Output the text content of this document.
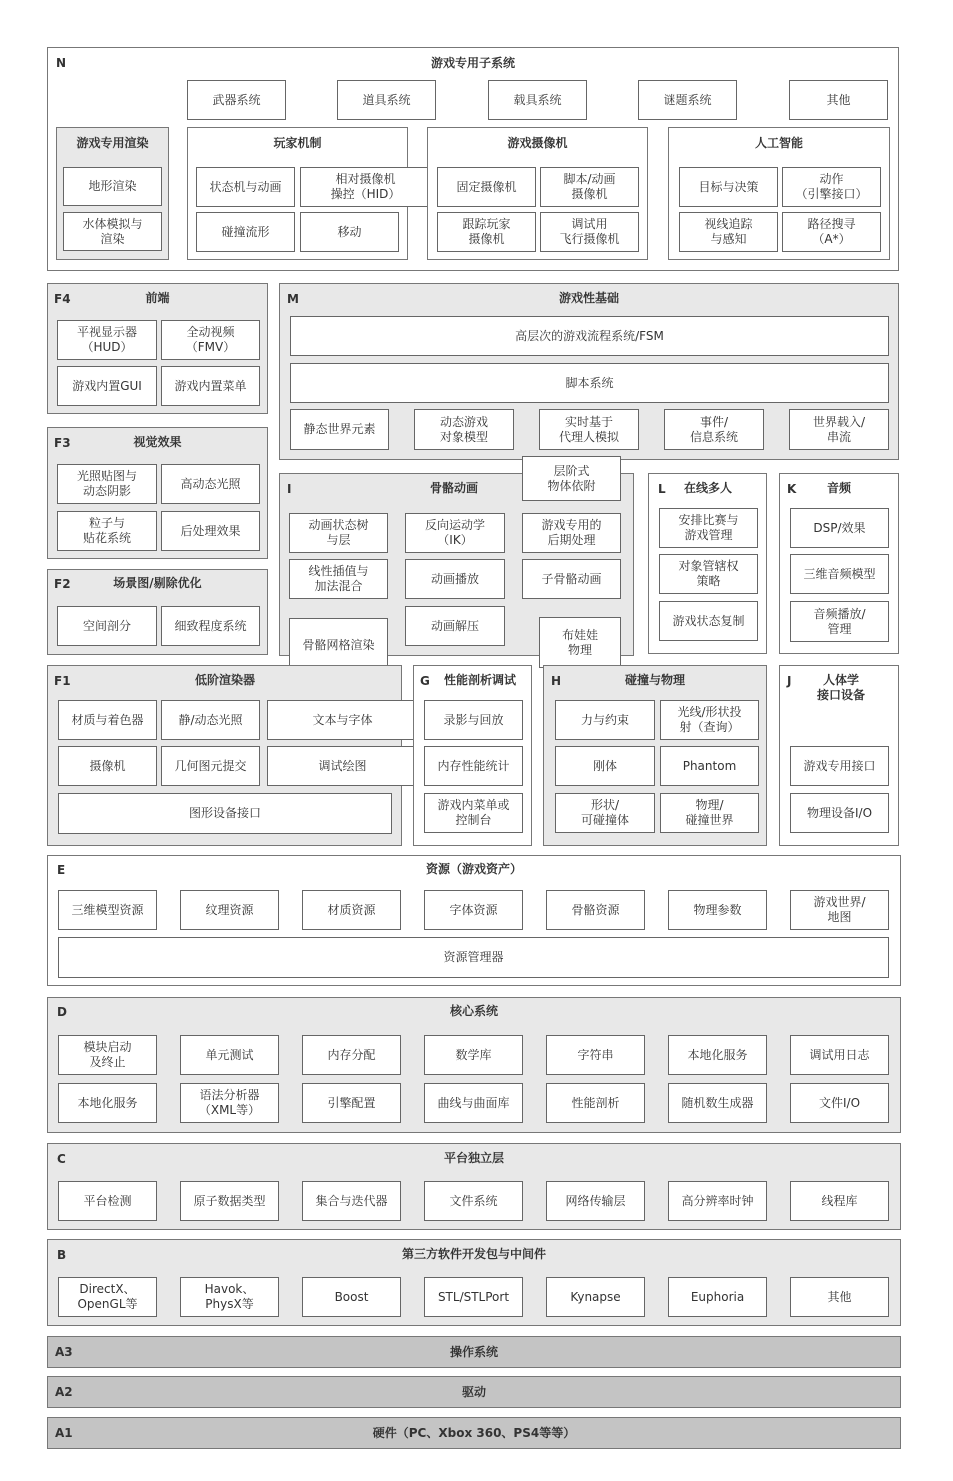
N	游戏专用子系统
武器系统	道具系统	载具系统	谜题系统	其他
游戏专用渲染
地形渲染
水体模拟与
渲染
玩家机制
状态机与动画
相对摄像机
操控（HID）
碰撞流形	移动
游戏摄像机
固定摄像机
脚本/动画
摄像机
跟踪玩家
摄像机
调试用
飞行摄像机
人工智能
目标与决策
动作
（引擎接口）
视线追踪
与感知
路径搜寻
（A*）
F4	前端
平视显示器
（HUD）
全动视频
（FMV）
游戏内置GUI	游戏内置菜单
M	游戏性基础
高层次的游戏流程系统/FSM
脚本系统
静态世界元素
动态游戏
对象模型
实时基于
代理人模拟
事件/
信息系统
世界载入/
串流
F3	视觉效果
光照贴图与
动态阴影
高动态光照
粒子与
贴花系统
后处理效果
I	骨骼动画
层阶式
物体依附
动画状态树
与层
反向运动学
（IK）
游戏专用的
后期处理
线性插值与
加法混合
动画播放	子骨骼动画
骨骼网格渲染
动画解压
布娃娃
物理
L	在线多人
安排比赛与
游戏管理
对象管辖权
策略
游戏状态复制
K	音频
DSP/效果
三维音频模型
音频播放/
管理
F2	场景图/剔除优化
空间剖分	细致程度系统
F1	低阶渲染器
材质与着色器	静/动态光照	文本与字体
摄像机	几何图元提交	调试绘图
图形设备接口
G	性能剖析调试
录影与回放
内存性能统计
游戏内菜单或
控制台
H	碰撞与物理
力与约束
光线/形状投
射（查询）
刚体	Phantom
形状/
可碰撞体
物理/
碰撞世界
J	人体学
接口设备
游戏专用接口
物理设备I/O
E	资源（游戏资产）
三维模型资源	纹理资源	材质资源	字体资源	骨骼资源	物理参数
游戏世界/
地图
资源管理器
D	核心系统
模块启动
及终止
单元测试	内存分配	数学库	字符串	本地化服务	调试用日志
本地化服务
语法分析器
（XML等）
引擎配置	曲线与曲面库	性能剖析	随机数生成器	文件I/O
C	平台独立层
平台检测	原子数据类型	集合与迭代器	文件系统	网络传输层	高分辨率时钟	线程库
B	第三方软件开发包与中间件
DirectX、
OpenGL等
Havok、
PhysX等
Boost	STL/STLPort	Kynapse	Euphoria	其他
A3	操作系统
A2	驱动
A1	硬件（PC、Xbox 360、PS4等等）
